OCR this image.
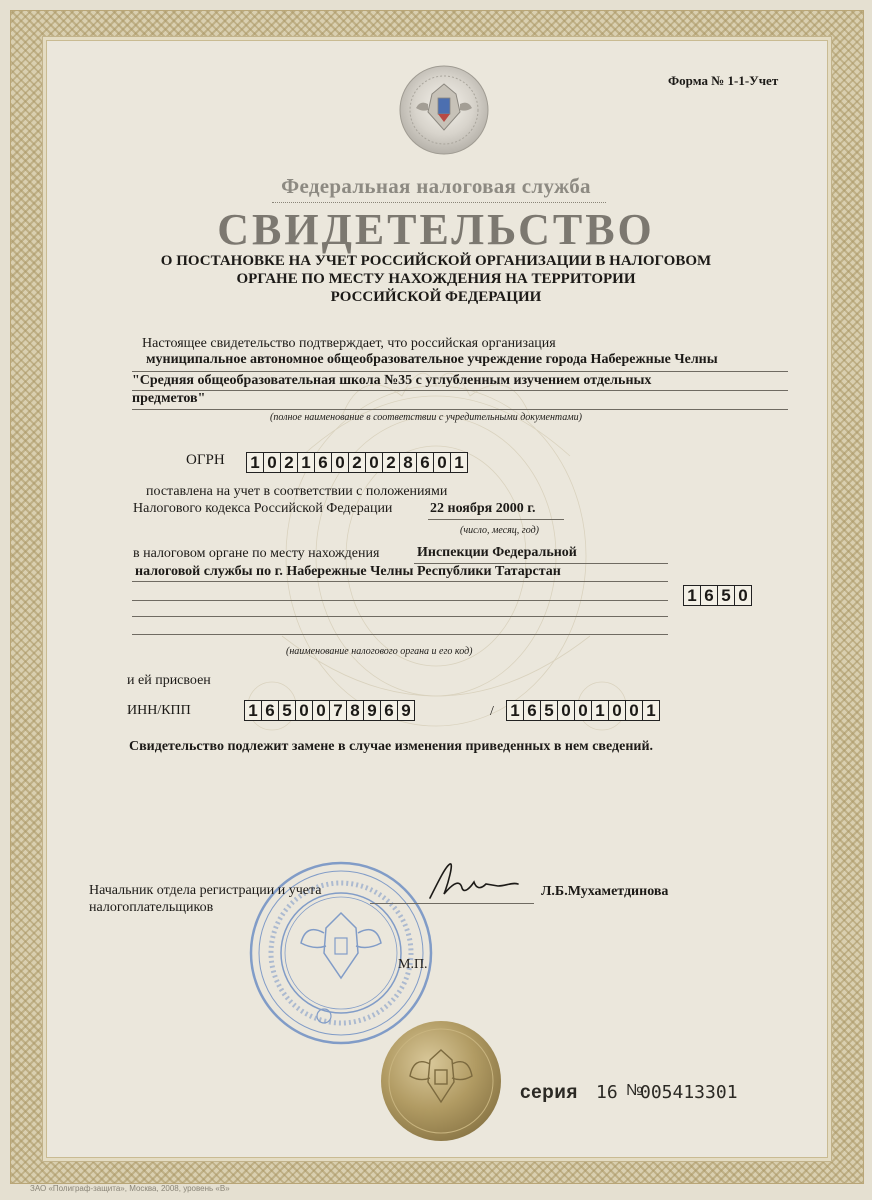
Форма № 1-1-Учет
Федеральная налоговая служба
СВИДЕТЕЛЬСТВО
О ПОСТАНОВКЕ НА УЧЕТ РОССИЙСКОЙ ОРГАНИЗАЦИИ В НАЛОГОВОМ
ОРГАНЕ ПО МЕСТУ НАХОЖДЕНИЯ НА ТЕРРИТОРИИ
РОССИЙСКОЙ ФЕДЕРАЦИИ
Настоящее свидетельство подтверждает, что российская организация
муниципальное автономное общеобразовательное учреждение города Набережные Челны
"Средняя общеобразовательная школа №35 с углубленным изучением отдельных
предметов"
(полное наименование в соответствии с учредительными документами)
ОГРН 1 0 2 1 6 0 2 0 2 8 6 0 1
поставлена на учет в соответствии с положениями
Налогового кодекса Российской Федерации	22 ноября 2000 г.
(число, месяц, год)
в налоговом органе по месту нахождения	Инспекции Федеральной
налоговой службы по г. Набережные Челны Республики Татарстан
1 6 5 0
(наименование налогового органа и его код)
и ей присвоен
ИНН/КПП	1 6 5 0 0 7 8 9 6 9	/ 1 6 5 0 0 1 0 0 1
Свидетельство подлежит замене в случае изменения приведенных в нем сведений.
Начальник отдела регистрации и учета
налогоплательщиков
Л.Б.Мухаметдинова
М.П.
серия 16 №
005413301
ЗАО «Полиграф-защита», Москва, 2008, уровень «В»
